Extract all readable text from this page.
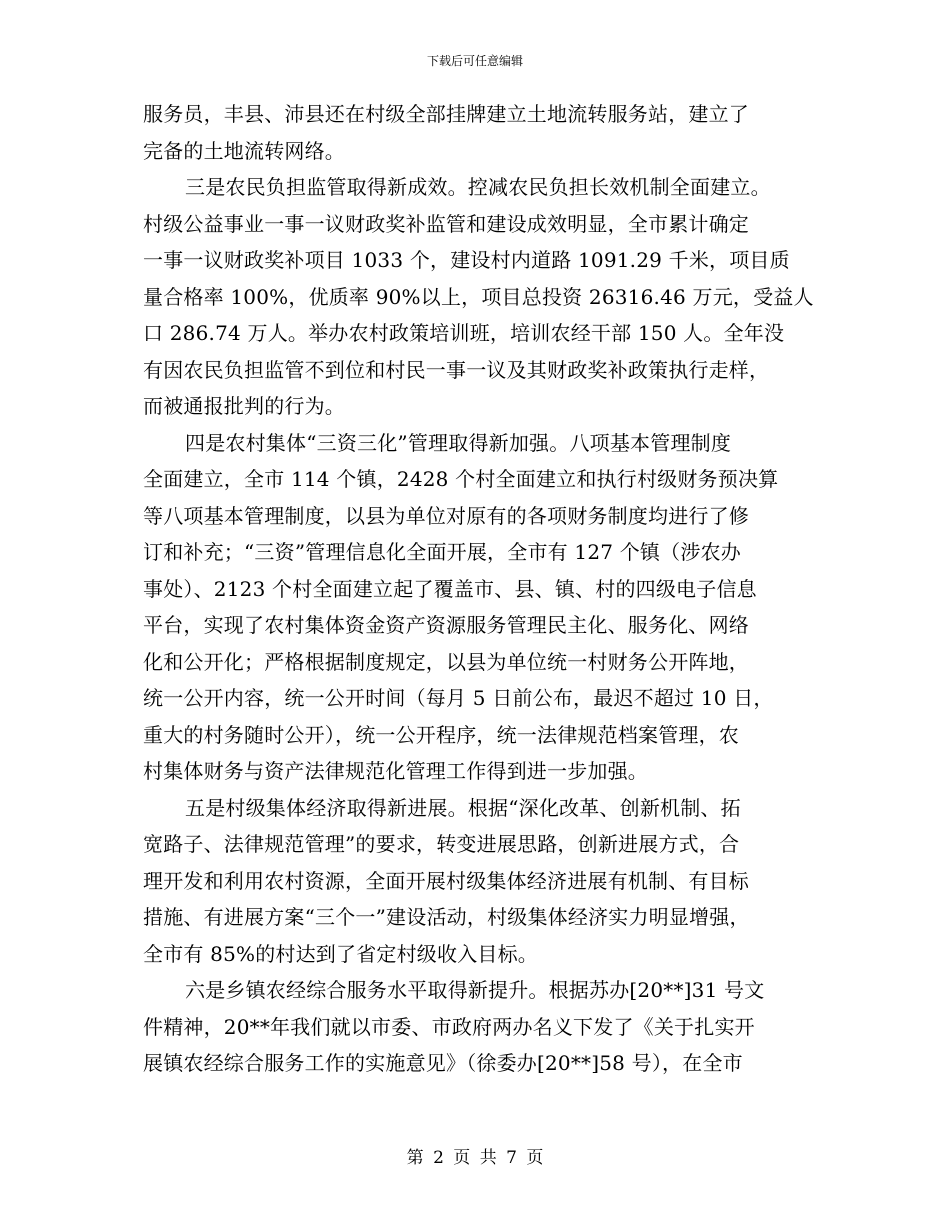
下载后可任意编辑
服务员，丰县、沛县还在村级全部挂牌建立土地流转服务站，建立了
完备的土地流转网络。
三是农民负担监管取得新成效。控减农民负担长效机制全面建立。
村级公益事业一事一议财政奖补监管和建设成效明显，全市累计确定
一事一议财政奖补项目 1033 个，建设村内道路 1091.29 千米，项目质
量合格率 100%，优质率 90%以上，项目总投资 26316.46 万元，受益人
口 286.74 万人。举办农村政策培训班，培训农经干部 150 人。全年没
有因农民负担监管不到位和村民一事一议及其财政奖补政策执行走样，
而被通报批判的行为。
四是农村集体“三资三化”管理取得新加强。八项基本管理制度
全面建立，全市 114 个镇，2428 个村全面建立和执行村级财务预决算
等八项基本管理制度，以县为单位对原有的各项财务制度均进行了修
订和补充；“三资”管理信息化全面开展，全市有 127 个镇（涉农办
事处）、2123 个村全面建立起了覆盖市、县、镇、村的四级电子信息
平台，实现了农村集体资金资产资源服务管理民主化、服务化、网络
化和公开化；严格根据制度规定，以县为单位统一村财务公开阵地，
统一公开内容，统一公开时间（每月 5 日前公布，最迟不超过 10 日，
重大的村务随时公开），统一公开程序，统一法律规范档案管理，农
村集体财务与资产法律规范化管理工作得到进一步加强。
五是村级集体经济取得新进展。根据“深化改革、创新机制、拓
宽路子、法律规范管理”的要求，转变进展思路，创新进展方式，合
理开发和利用农村资源，全面开展村级集体经济进展有机制、有目标
措施、有进展方案“三个一”建设活动，村级集体经济实力明显增强，
全市有 85%的村达到了省定村级收入目标。
六是乡镇农经综合服务水平取得新提升。根据苏办[20**]31 号文
件精神，20**年我们就以市委、市政府两办名义下发了《关于扎实开
展镇农经综合服务工作的实施意见》（徐委办[20**]58 号），在全市
第 2 页 共 7 页
